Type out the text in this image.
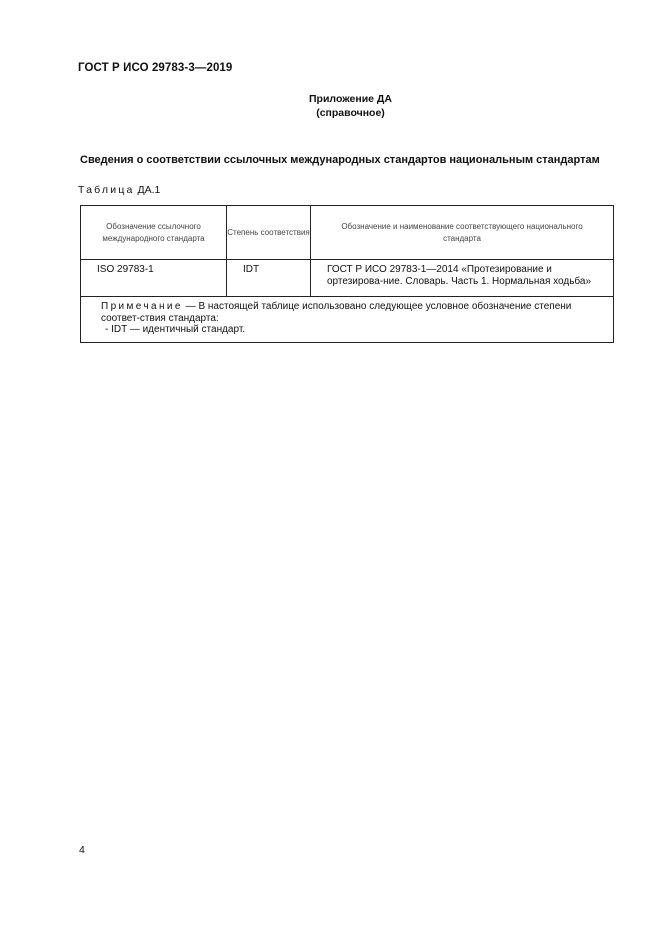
ГОСТ Р ИСО 29783-3—2019
Приложение ДА
(справочное)
Сведения о соответствии ссылочных международных стандартов национальным стандартам
Таблица ДА.1
Обозначение ссылочного международного стандарта	Степень соответствия	Обозначение и наименование соответствующего национального стандарта
ISO 29783-1	IDT	ГОСТ Р ИСО 29783-1—2014 «Протезирование и ортезирова-ние. Словарь. Часть 1. Нормальная ходьба»

Примечание — В настоящей таблице использовано следующее условное обозначение степени соответ-ствия стандарта:
- IDT — идентичный стандарт.		
4
